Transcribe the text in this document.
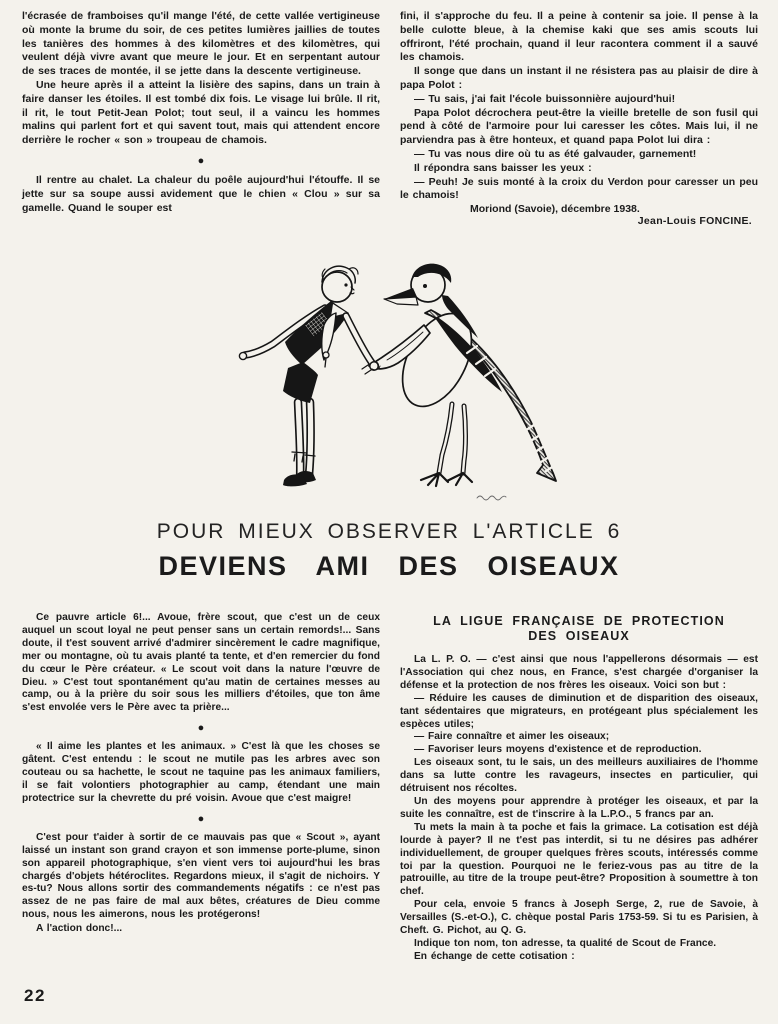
l'écrasée de framboises qu'il mange l'été, de cette vallée vertigineuse où monte la brume du soir, de ces petites lumières jaillies de toutes les tanières des hommes à des kilomètres et des kilomètres, qui veulent déjà vivre avant que meure le jour. Et en serpentant autour de ses traces de montée, il se jette dans la descente vertigineuse.

Une heure après il a atteint la lisière des sapins, dans un train à faire danser les étoiles. Il est tombé dix fois. Le visage lui brûle. Il rit, il rit, le tout Petit-Jean Polot; tout seul, il a vaincu les hommes malins qui parlent fort et qui savent tout, mais qui attendent encore derrière le rocher « son » troupeau de chamois.

●

Il rentre au chalet. La chaleur du poêle aujourd'hui l'étouffe. Il se jette sur sa soupe aussi avidement que le chien « Clou » sur sa gamelle. Quand le souper est

fini, il s'approche du feu. Il a peine à contenir sa joie. Il pense à la belle culotte bleue, à la chemise kaki que ses amis scouts lui offriront, l'été prochain, quand il leur racontera comment il a sauvé les chamois.

Il songe que dans un instant il ne résistera pas au plaisir de dire à papa Polot :

— Tu sais, j'ai fait l'école buissonnière aujourd'hui!

Papa Polot décrochera peut-être la vieille bretelle de son fusil qui pend à côté de l'armoire pour lui caresser les côtes. Mais lui, il ne parviendra pas à être honteux, et quand papa Polot lui dira :

— Tu vas nous dire où tu as été galvauder, garnement!

Il répondra sans baisser les yeux :

— Peuh! Je suis monté à la croix du Verdon pour caresser un peu le chamois!

Moriond (Savoie), décembre 1938.

Jean-Louis FONCINE.

POUR MIEUX OBSERVER L'ARTICLE 6
DEVIENS AMI DES OISEAUX

Ce pauvre article 6!... Avoue, frère scout, que c'est un de ceux auquel un scout loyal ne peut penser sans un certain remords!... Sans doute, il t'est souvent arrivé d'admirer sincèrement le cadre magnifique, mer ou montagne, où tu avais planté ta tente, et d'en remercier du fond du cœur le Père créateur. « Le scout voit dans la nature l'œuvre de Dieu. » C'est tout spontanément qu'au matin de certaines messes au camp, ou à la prière du soir sous les milliers d'étoiles, que ton âme s'est envolée vers le Père avec ta prière...

●

« Il aime les plantes et les animaux. » C'est là que les choses se gâtent. C'est entendu : le scout ne mutile pas les arbres avec son couteau ou sa hachette, le scout ne taquine pas les animaux familiers, il se fait volontiers photographier au camp, étendant une main protectrice sur la chevrette du pré voisin. Avoue que c'est maigre!

●

C'est pour t'aider à sortir de ce mauvais pas que « Scout », ayant laissé un instant son grand crayon et son immense porte-plume, sinon son appareil photographique, s'en vient vers toi aujourd'hui les bras chargés d'objets hétéroclites. Regardons mieux, il s'agit de nichoirs. Y es-tu? Nous allons sortir des commandements négatifs : ce n'est pas assez de ne pas faire de mal aux bêtes, créatures de Dieu comme nous, nous les aimerons, nous les protégerons!

A l'action donc!...

LA LIGUE FRANÇAISE DE PROTECTION
DES OISEAUX

La L. P. O. — c'est ainsi que nous l'appellerons désormais — est l'Association qui chez nous, en France, s'est chargée d'organiser la défense et la protection de nos frères les oiseaux. Voici son but :

— Réduire les causes de diminution et de disparition des oiseaux, tant sédentaires que migrateurs, en protégeant plus spécialement les espèces utiles;

— Faire connaître et aimer les oiseaux;

— Favoriser leurs moyens d'existence et de reproduction.

Les oiseaux sont, tu le sais, un des meilleurs auxiliaires de l'homme dans sa lutte contre les ravageurs, insectes en particulier, qui détruisent nos récoltes.

Un des moyens pour apprendre à protéger les oiseaux, et par la suite les connaître, est de t'inscrire à la L.P.O., 5 francs par an.

Tu mets la main à ta poche et fais la grimace. La cotisation est déjà lourde à payer? Il ne t'est pas interdit, si tu ne désires pas adhérer individuellement, de grouper quelques frères scouts, intéressés comme toi par la question. Pourquoi ne le feriez-vous pas au titre de la patrouille, au titre de la troupe peut-être? Proposition à soumettre à ton chef.

Pour cela, envoie 5 francs à Joseph Serge, 2, rue de Savoie, à Versailles (S.-et-O.), C. chèque postal Paris 1753-59. Si tu es Parisien, à Cheft. G. Pichot, au Q. G.

Indique ton nom, ton adresse, ta qualité de Scout de France.

En échange de cette cotisation :

22
